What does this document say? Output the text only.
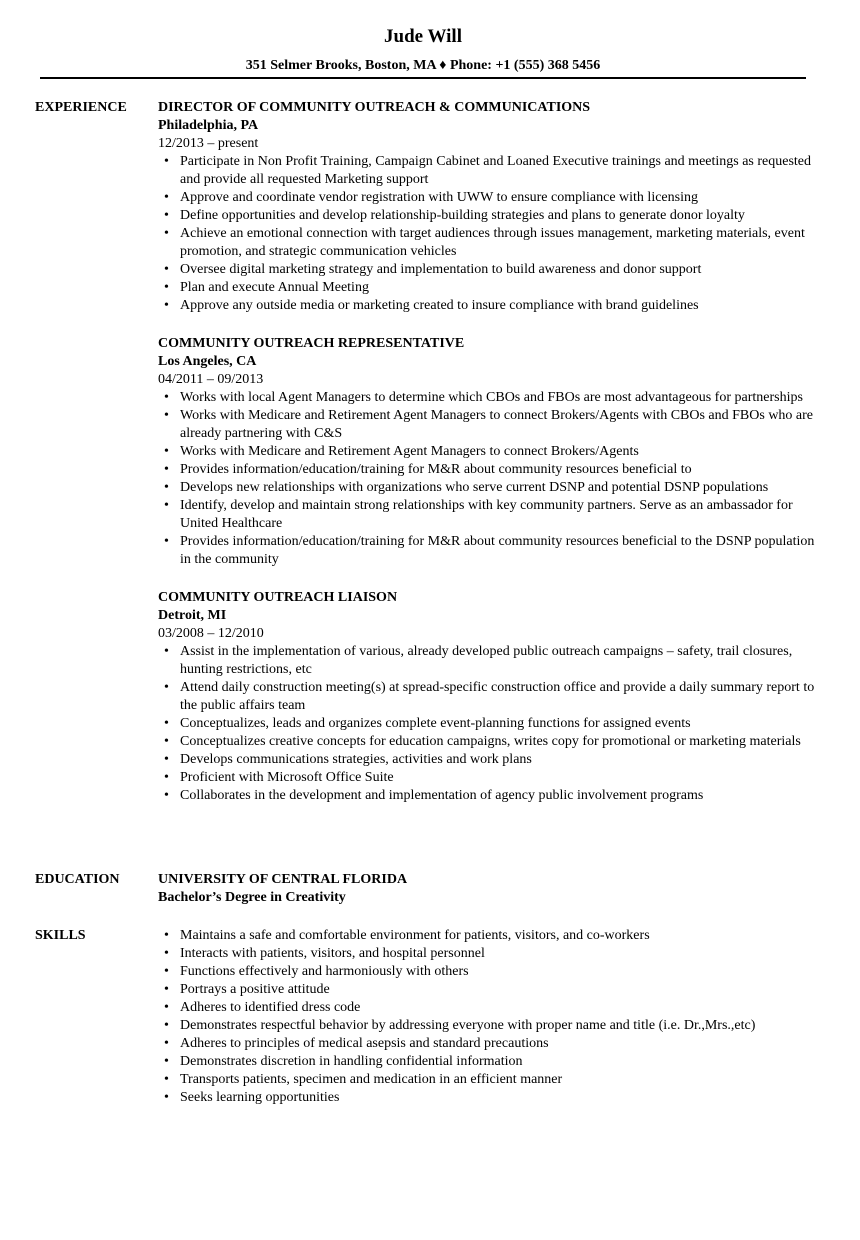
Jude Will
351 Selmer Brooks, Boston, MA ♦ Phone: +1 (555) 368 5456
EXPERIENCE	DIRECTOR OF COMMUNITY OUTREACH & COMMUNICATIONS
Philadelphia, PA
12/2013 – present
• Participate in Non Profit Training, Campaign Cabinet and Loaned Executive trainings and meetings as requested and provide all requested Marketing support
• Approve and coordinate vendor registration with UWW to ensure compliance with licensing
• Define opportunities and develop relationship-building strategies and plans to generate donor loyalty
• Achieve an emotional connection with target audiences through issues management, marketing materials, event promotion, and strategic communication vehicles
• Oversee digital marketing strategy and implementation to build awareness and donor support
• Plan and execute Annual Meeting
• Approve any outside media or marketing created to insure compliance with brand guidelines
COMMUNITY OUTREACH REPRESENTATIVE
Los Angeles, CA
04/2011 – 09/2013
• Works with local Agent Managers to determine which CBOs and FBOs are most advantageous for partnerships
• Works with Medicare and Retirement Agent Managers to connect Brokers/Agents with CBOs and FBOs who are already partnering with C&S
• Works with Medicare and Retirement Agent Managers to connect Brokers/Agents
• Provides information/education/training for M&R about community resources beneficial to
• Develops new relationships with organizations who serve current DSNP and potential DSNP populations
• Identify, develop and maintain strong relationships with key community partners. Serve as an ambassador for United Healthcare
• Provides information/education/training for M&R about community resources beneficial to the DSNP population in the community
COMMUNITY OUTREACH LIAISON
Detroit, MI
03/2008 – 12/2010
• Assist in the implementation of various, already developed public outreach campaigns – safety, trail closures, hunting restrictions, etc
• Attend daily construction meeting(s) at spread-specific construction office and provide a daily summary report to the public affairs team
• Conceptualizes, leads and organizes complete event-planning functions for assigned events
• Conceptualizes creative concepts for education campaigns, writes copy for promotional or marketing materials
• Develops communications strategies, activities and work plans
• Proficient with Microsoft Office Suite
• Collaborates in the development and implementation of agency public involvement programs
EDUCATION	UNIVERSITY OF CENTRAL FLORIDA
Bachelor’s Degree in Creativity
SKILLS	• Maintains a safe and comfortable environment for patients, visitors, and co-workers
• Interacts with patients, visitors, and hospital personnel
• Functions effectively and harmoniously with others
• Portrays a positive attitude
• Adheres to identified dress code
• Demonstrates respectful behavior by addressing everyone with proper name and title (i.e. Dr.,Mrs.,etc)
• Adheres to principles of medical asepsis and standard precautions
• Demonstrates discretion in handling confidential information
• Transports patients, specimen and medication in an efficient manner
• Seeks learning opportunities
